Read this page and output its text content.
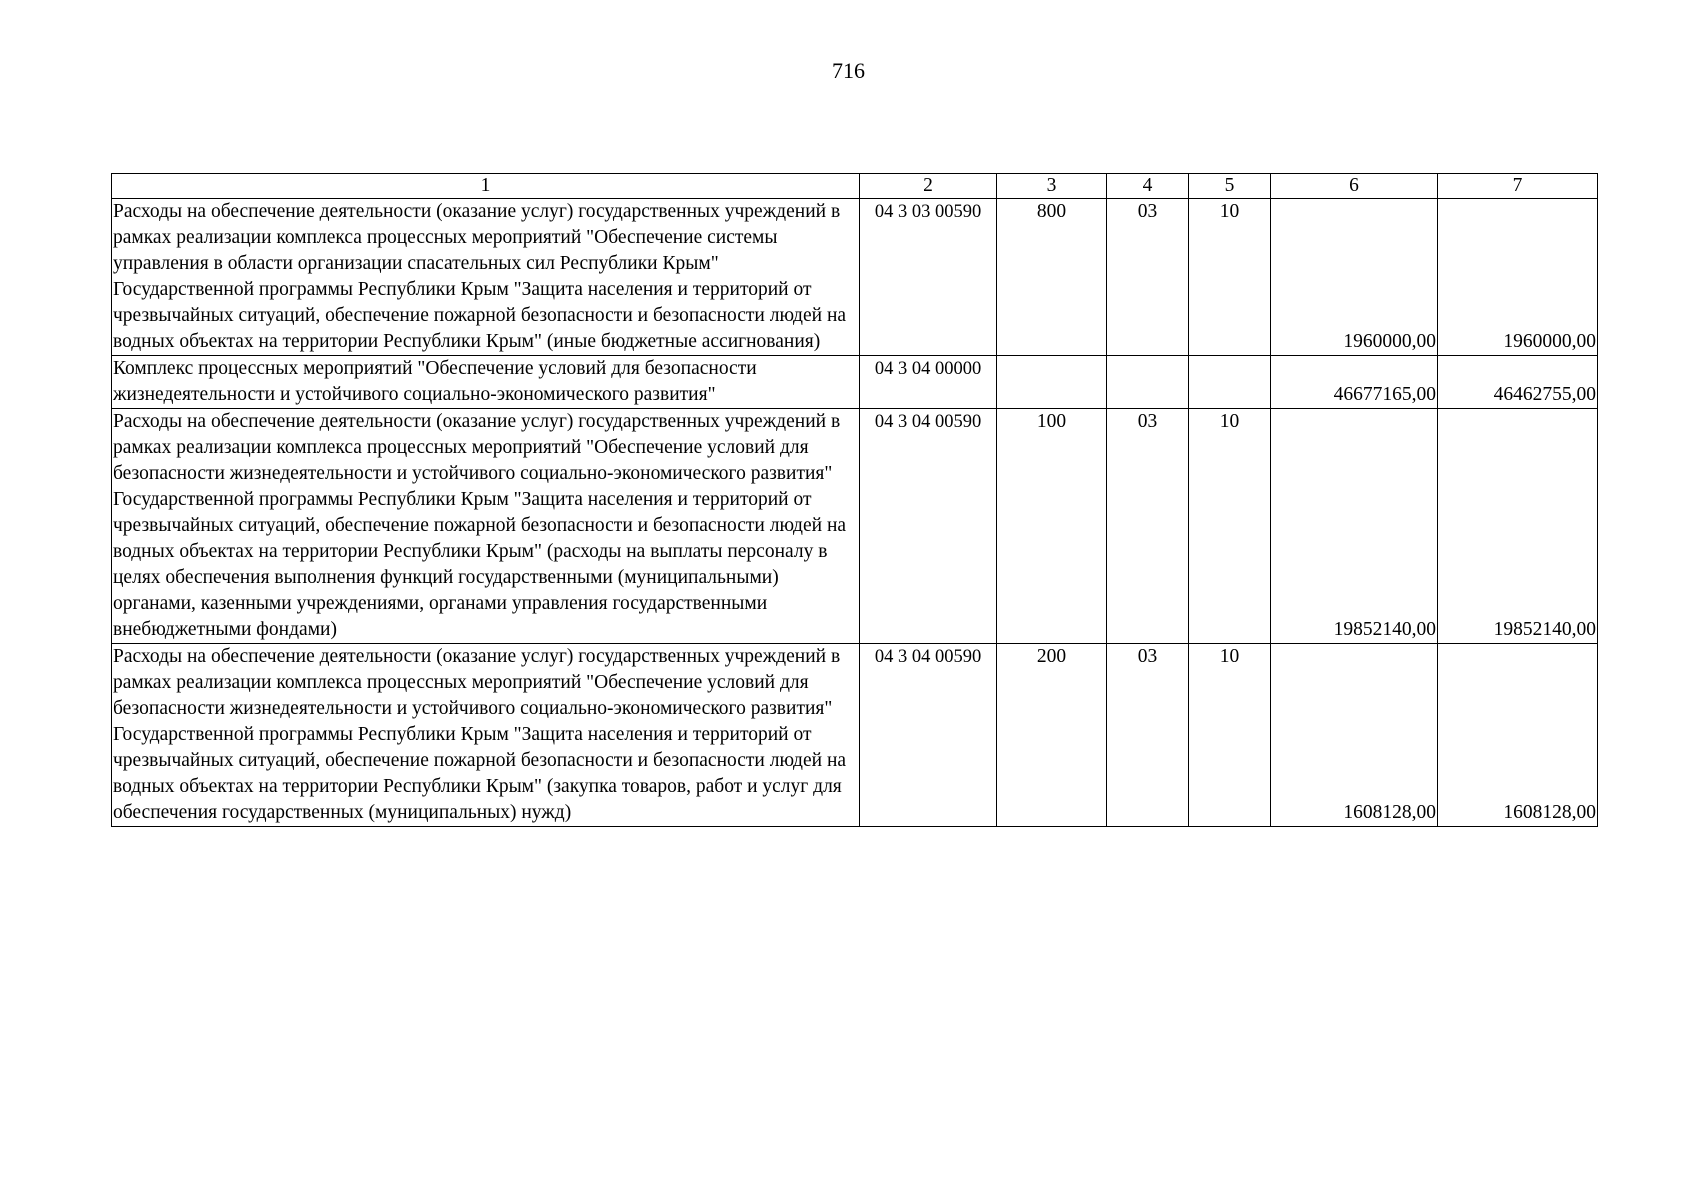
716
1	2	3	4	5	6	7
Расходы на обеспечение деятельности (оказание услуг) государственных учреждений в рамках реализации комплекса процессных мероприятий "Обеспечение системы управления в области организации спасательных сил Республики Крым" Государственной программы Республики Крым "Защита населения и территорий от чрезвычайных ситуаций, обеспечение пожарной безопасности и безопасности людей на водных объектах на территории Республики Крым" (иные бюджетные ассигнования)	04 3 03 00590	800	03	10	1960000,00	1960000,00
Комплекс процессных мероприятий "Обеспечение условий для безопасности жизнедеятельности и устойчивого социально-экономического развития"	04 3 04 00000				46677165,00	46462755,00
Расходы на обеспечение деятельности (оказание услуг) государственных учреждений в рамках реализации комплекса процессных мероприятий "Обеспечение условий для безопасности жизнедеятельности и устойчивого социально-экономического развития" Государственной программы Республики Крым "Защита населения и территорий от чрезвычайных ситуаций, обеспечение пожарной безопасности и безопасности людей на водных объектах на территории Республики Крым" (расходы на выплаты персоналу в целях обеспечения выполнения функций государственными (муниципальными) органами, казенными учреждениями, органами управления государственными внебюджетными фондами)	04 3 04 00590	100	03	10	19852140,00	19852140,00
Расходы на обеспечение деятельности (оказание услуг) государственных учреждений в рамках реализации комплекса процессных мероприятий "Обеспечение условий для безопасности жизнедеятельности и устойчивого социально-экономического развития" Государственной программы Республики Крым "Защита населения и территорий от чрезвычайных ситуаций, обеспечение пожарной безопасности и безопасности людей на водных объектах на территории Республики Крым" (закупка товаров, работ и услуг для обеспечения государственных (муниципальных) нужд)	04 3 04 00590	200	03	10	1608128,00	1608128,00
